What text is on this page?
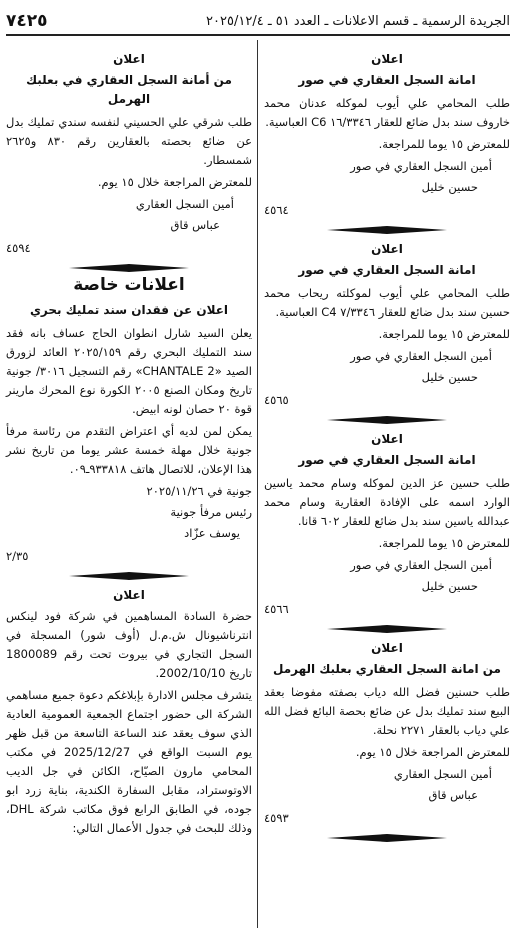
الجريدة الرسمية ـ قسم الاعلانات ـ العدد ٥١ ـ ٢٠٢٥/١٢/٤
٧٤٢٥
اعلان
امانة السجل العقاري في صور

طلب المحامي علي أيوب لموكله عدنان محمد خاروف سند بدل ضائع للعقار ١٦/٣٣٤٦ C6 العباسية.

للمعترض ١٥ يوما للمراجعة.

أمين السجل العقاري في صور
حسين خليل
٤٥٦٤
اعلان
امانة السجل العقاري في صور

طلب المحامي علي أيوب لموكلته ريحاب محمد حسين سند بدل ضائع للعقار ٧/٣٣٤٦ C4 العباسية.

للمعترض ١٥ يوما للمراجعة.

أمين السجل العقاري في صور
حسين خليل
٤٥٦٥
اعلان
امانة السجل العقاري في صور

طلب حسين عز الدين لموكله وسام محمد ياسين الوارد اسمه على الإفادة العقارية وسام محمد عبدالله ياسين سند بدل ضائع للعقار ٦٠٢ قانا.

للمعترض ١٥ يوما للمراجعة.

أمين السجل العقاري في صور
حسين خليل
٤٥٦٦
اعلان
من امانة السجل العقاري بعلبك الهرمل

طلب حسنين فضل الله دياب بصفته مفوضا بعقد البيع سند تمليك بدل عن ضائع بحصة البائع فضل الله علي دياب بالعقار ٢٢٧١ نحلة.

للمعترض المراجعة خلال ١٥ يوم.

أمين السجل العقاري
عباس قاق
٤٥٩٣
اعلان
من أمانة السجل العقاري في بعلبك الهرمل

طلب شرقي علي الحسيني لنفسه سندي تمليك بدل عن ضائع بحصته بالعقارين رقم ٨٣٠ و٢٦٢٥ شمسطار.

للمعترض المراجعة خلال ١٥ يوم.

أمين السجل العقاري
عباس قاق
٤٥٩٤
اعلانات خاصة
اعلان عن فقدان سند تمليك بحري

يعلن السيد شارل انطوان الحاج عساف بانه فقد سند التمليك البحري رقم ٢٠٢٥/١٥٩ العائد لزورق الصيد «CHANTALE 2» رقم التسجيل ٣٠١٦/ جونية تاريخ ومكان الصنع ٢٠٠٥ الكورة نوع المحرك مارينر قوة ٢٠ حصان لونه ابيض.

يمكن لمن لديه أي اعتراض التقدم من رئاسة مرفأ جونية خلال مهلة خمسة عشر يوما من تاريخ نشر هذا الإعلان، للاتصال هاتف ٩٣٣٨١٨ـ٠٩.

جونية في ٢٠٢٥/١١/٢٦
رئيس مرفأ جونية
يوسف عزّاد
٢/٣٥
اعلان

حضرة السادة المساهمين في شركة فود لينكس انترناشيونال ش.م.ل (أوف شور) المسجلة في السجل التجاري في بيروت تحت رقم 1800089 تاريخ 2002/10/10.

يتشرف مجلس الادارة بإبلاغكم دعوة جميع مساهمي الشركة الى حضور اجتماع الجمعية العمومية العادية الذي سوف يعقد عند الساعة التاسعة من قبل ظهر يوم السبت الواقع في 2025/12/27 في مكتب المحامي مارون الصيّاح، الكائن في جل الديب الاوتوستراد، مقابل السفارة الكندية، بناية زرد ابو جوده، في الطابق الرابع فوق مكاتب شركة DHL، وذلك للبحث في جدول الأعمال التالي:
